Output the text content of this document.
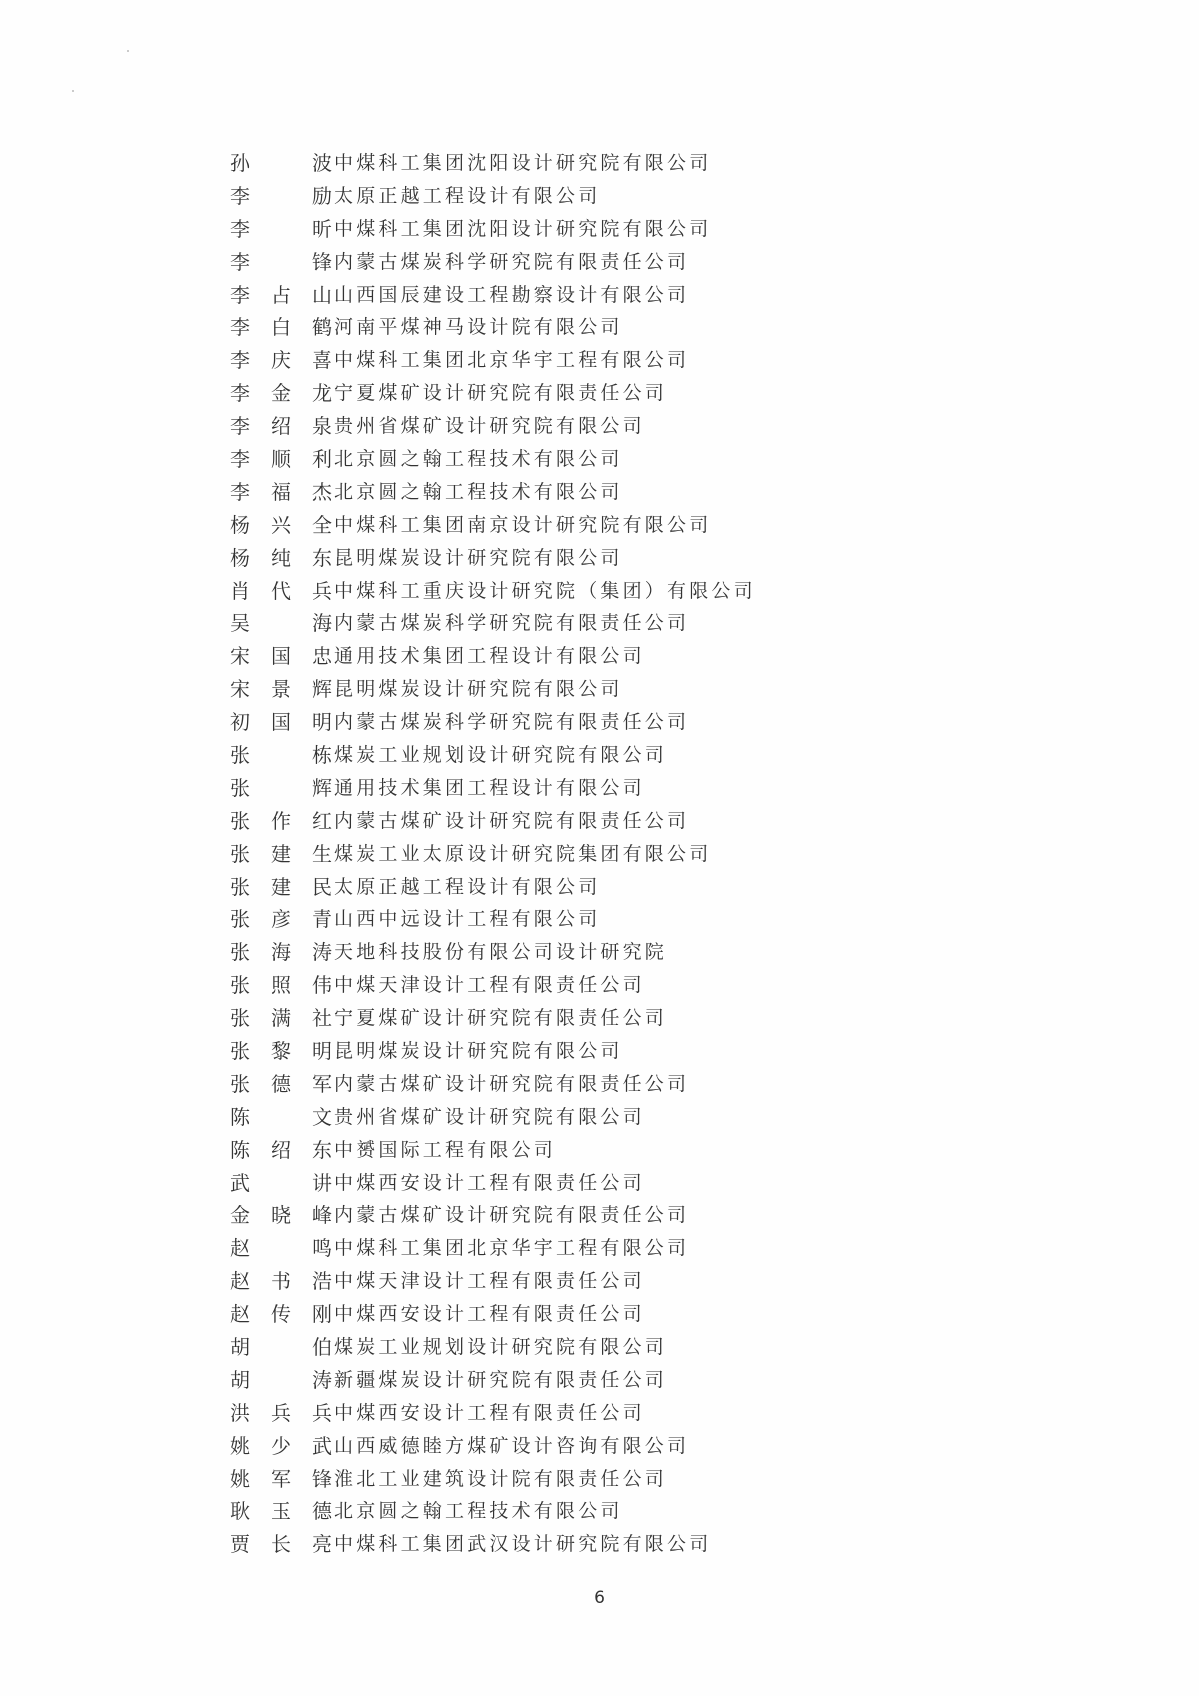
孙 波 中煤科工集团沈阳设计研究院有限公司
李 励 太原正越工程设计有限公司
李 昕 中煤科工集团沈阳设计研究院有限公司
李 锋 内蒙古煤炭科学研究院有限责任公司
李占山 山西国辰建设工程勘察设计有限公司
李白鹤 河南平煤神马设计院有限公司
李庆喜 中煤科工集团北京华宇工程有限公司
李金龙 宁夏煤矿设计研究院有限责任公司
李绍泉 贵州省煤矿设计研究院有限公司
李顺利 北京圆之翰工程技术有限公司
李福杰 北京圆之翰工程技术有限公司
杨兴全 中煤科工集团南京设计研究院有限公司
杨纯东 昆明煤炭设计研究院有限公司
肖代兵 中煤科工重庆设计研究院（集团）有限公司
吴 海 内蒙古煤炭科学研究院有限责任公司
宋国忠 通用技术集团工程设计有限公司
宋景辉 昆明煤炭设计研究院有限公司
初国明 内蒙古煤炭科学研究院有限责任公司
张 栋 煤炭工业规划设计研究院有限公司
张 辉 通用技术集团工程设计有限公司
张作红 内蒙古煤矿设计研究院有限责任公司
张建生 煤炭工业太原设计研究院集团有限公司
张建民 太原正越工程设计有限公司
张彦青 山西中远设计工程有限公司
张海涛 天地科技股份有限公司设计研究院
张照伟 中煤天津设计工程有限责任公司
张满社 宁夏煤矿设计研究院有限责任公司
张黎明 昆明煤炭设计研究院有限公司
张德军 内蒙古煤矿设计研究院有限责任公司
陈 文 贵州省煤矿设计研究院有限公司
陈绍东 中赟国际工程有限公司
武 讲 中煤西安设计工程有限责任公司
金晓峰 内蒙古煤矿设计研究院有限责任公司
赵 鸣 中煤科工集团北京华宇工程有限公司
赵书浩 中煤天津设计工程有限责任公司
赵传刚 中煤西安设计工程有限责任公司
胡 伯 煤炭工业规划设计研究院有限公司
胡 涛 新疆煤炭设计研究院有限责任公司
洪兵兵 中煤西安设计工程有限责任公司
姚少武 山西威德睦方煤矿设计咨询有限公司
姚军锋 淮北工业建筑设计院有限责任公司
耿玉德 北京圆之翰工程技术有限公司
贾长亮 中煤科工集团武汉设计研究院有限公司
6
